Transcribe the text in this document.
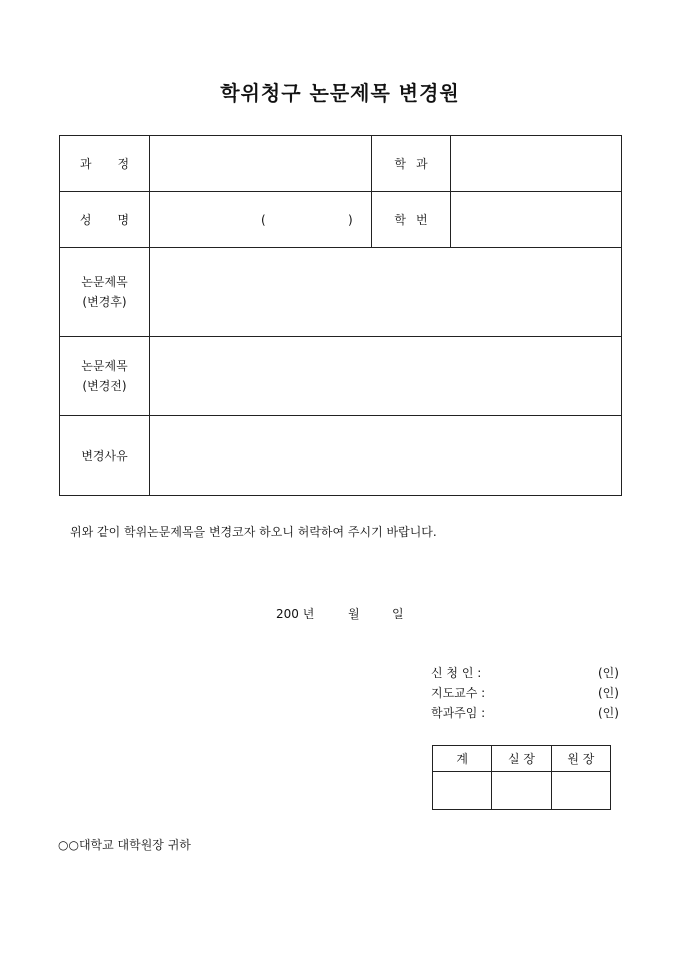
학위청구 논문제목 변경원
과정		학과	
성명	( )	학번	

논문제목
(변경후)			

논문제목
(변경전)			

변경사유			
위와 같이 학위논문제목을 변경코자 하오니 허락하여 주시기 바랍니다.
200 년	월	일
신 청 인 :	(인)
지도교수 :	(인)
학과주임 :	(인)
계	실 장	원 장

○○대학교 대학원장 귀하
